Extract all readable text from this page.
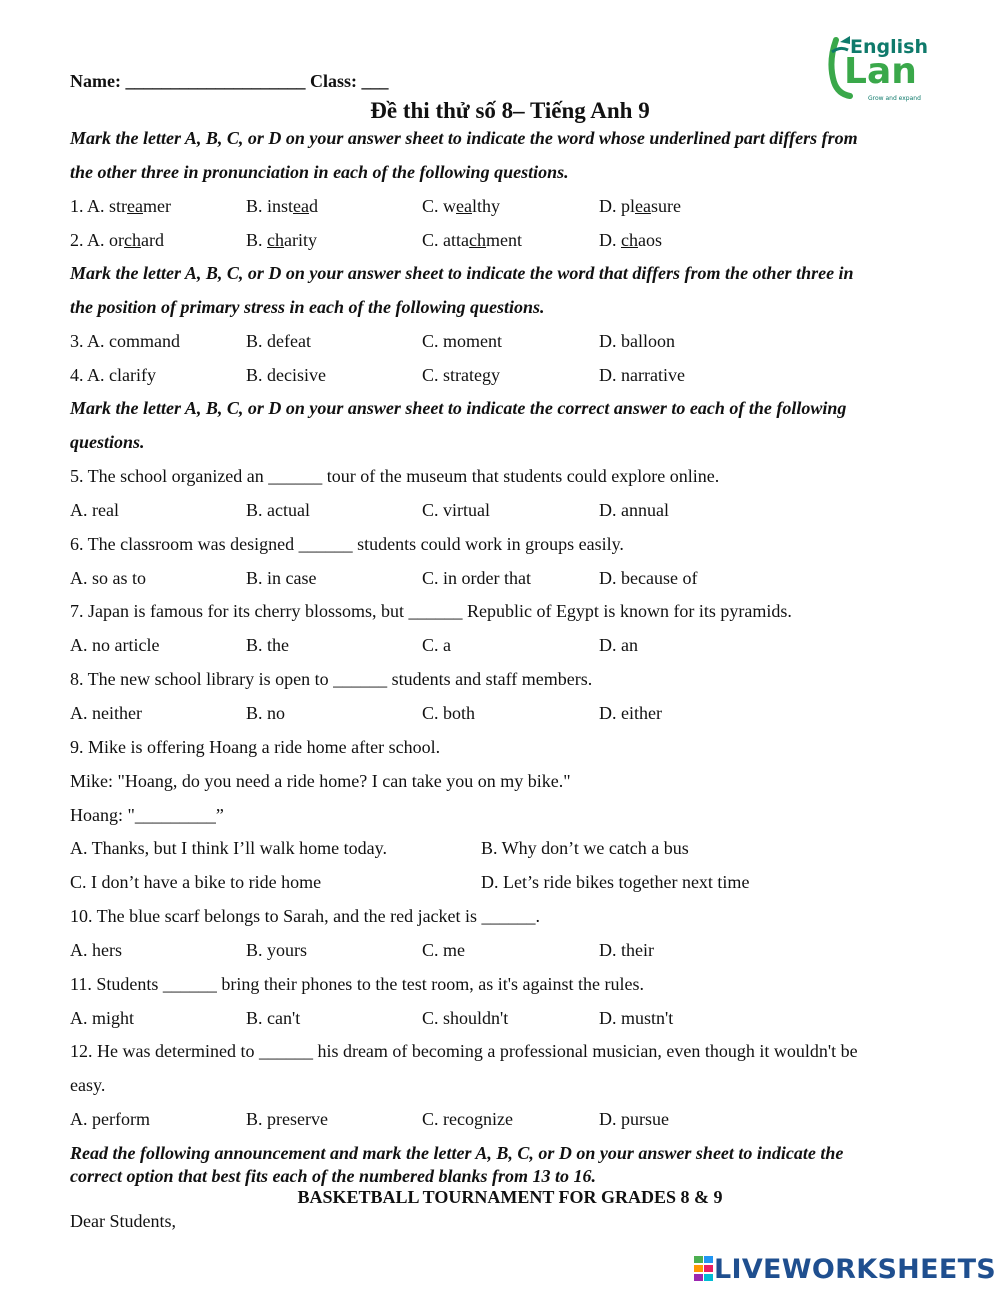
Name: ____________________ Class: ___
English
Lan
Grow and expand
Đề thi thử số 8– Tiếng Anh 9
Mark the letter A, B, C, or D on your answer sheet to indicate the word whose underlined part differs from
the other three in pronunciation in each of the following questions.
1. A. streamer	B. instead	C. wealthy	D. pleasure
2. A. orchard	B. charity	C. attachment	D. chaos
Mark the letter A, B, C, or D on your answer sheet to indicate the word that differs from the other three in
the position of primary stress in each of the following questions.
3. A. command	B. defeat	C. moment	D. balloon
4. A. clarify	B. decisive	C. strategy	D. narrative
Mark the letter A, B, C, or D on your answer sheet to indicate the correct answer to each of the following
questions.
5. The school organized an ______ tour of the museum that students could explore online.
A. real	B. actual	C. virtual	D. annual
6. The classroom was designed ______ students could work in groups easily.
A. so as to	B. in case	C. in order that	D. because of
7. Japan is famous for its cherry blossoms, but ______ Republic of Egypt is known for its pyramids.
A. no article	B. the	C. a	D. an
8. The new school library is open to ______ students and staff members.
A. neither	B. no	C. both	D. either
9. Mike is offering Hoang a ride home after school.
Mike: "Hoang, do you need a ride home? I can take you on my bike."
Hoang: "_________”
A. Thanks, but I think I’ll walk home today.	B. Why don’t we catch a bus
C. I don’t have a bike to ride home	D. Let’s ride bikes together next time
10. The blue scarf belongs to Sarah, and the red jacket is ______.
A. hers	B. yours	C. me	D. their
11. Students ______ bring their phones to the test room, as it's against the rules.
A. might	B. can't	C. shouldn't	D. mustn't
12. He was determined to ______ his dream of becoming a professional musician, even though it wouldn't be
easy.
A. perform	B. preserve	C. recognize	D. pursue
Read the following announcement and mark the letter A, B, C, or D on your answer sheet to indicate the
correct option that best fits each of the numbered blanks from 13 to 16.
BASKETBALL TOURNAMENT FOR GRADES 8 & 9
Dear Students,
LIVEWORKSHEETS
